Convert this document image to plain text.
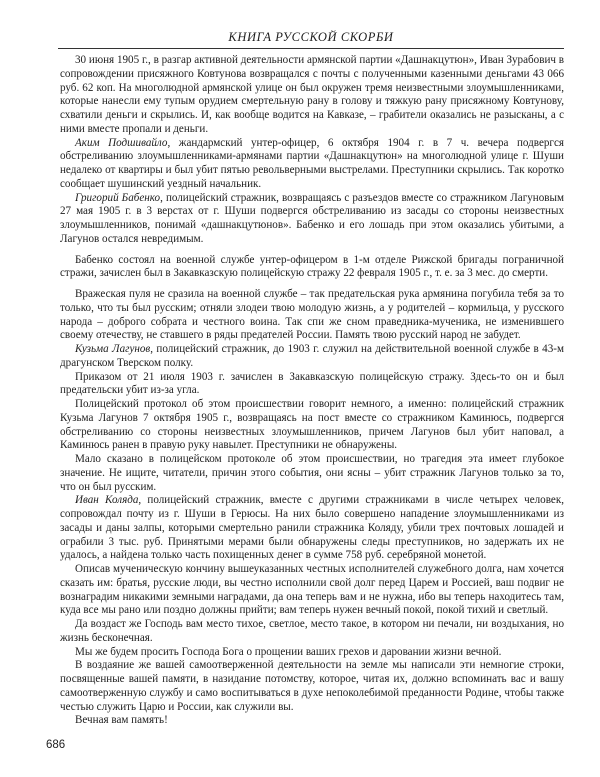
КНИГА РУССКОЙ СКОРБИ

30 июня 1905 г., в разгар активной деятельности армянской партии «Дашнакцутюн», Иван Зурабович в сопровождении присяжного Ковтунова возвращался с почты с полученными казенными деньгами 43 066 руб. 62 коп. На многолюдной армянской улице он был окружен тремя неизвестными злоумышленниками, которые нанесли ему тупым орудием смертельную рану в голову и тяжкую рану присяжному Ковтунову, схватили деньги и скрылись. И, как вообще водится на Кавказе, – грабители оказались не разысканы, а с ними вместе пропали и деньги.

Аким Подшивайло, жандармский унтер-офицер, 6 октября 1904 г. в 7 ч. вечера подвергся обстреливанию злоумышленниками-армянами партии «Дашнакцутюн» на многолюдной улице г. Шуши недалеко от квартиры и был убит пятью револьверными выстрелами. Преступники скрылись. Так коротко сообщает шушинский уездный начальник.

Григорий Бабенко, полицейский стражник, возвращаясь с разъездов вместе со стражником Лагуновым 27 мая 1905 г. в 3 верстах от г. Шуши подвергся обстреливанию из засады со стороны неизвестных злоумышленников, понимай «дашнакцутюнов». Бабенко и его лошадь при этом оказались убитыми, а Лагунов остался невредимым.

Бабенко состоял на военной службе унтер-офицером в 1-м отделе Рижской бригады пограничной стражи, зачислен был в Закавказскую полицейскую стражу 22 февраля 1905 г., т. е. за 3 мес. до смерти.

Вражеская пуля не сразила на военной службе – так предательская рука армянина погубила тебя за то только, что ты был русским; отняли злодеи твою молодую жизнь, а у родителей – кормильца, у русского народа – доброго собрата и честного воина. Так спи же сном праведника-мученика, не изменившего своему отечеству, не ставшего в ряды предателей России. Память твою русский народ не забудет.

Кузьма Лагунов, полицейский стражник, до 1903 г. служил на действительной военной службе в 43-м драгунском Тверском полку.

Приказом от 21 июля 1903 г. зачислен в Закавказскую полицейскую стражу. Здесь-то он и был предательски убит из-за угла.

Полицейский протокол об этом происшествии говорит немного, а именно: полицейский стражник Кузьма Лагунов 7 октября 1905 г., возвращаясь на пост вместе со стражником Каминюсь, подвергся обстреливанию со стороны неизвестных злоумышленников, причем Лагунов был убит наповал, а Каминюсь ранен в правую руку навылет. Преступники не обнаружены.

Мало сказано в полицейском протоколе об этом происшествии, но трагедия эта имеет глубокое значение. Не ищите, читатели, причин этого события, они ясны – убит стражник Лагунов только за то, что он был русским.

Иван Коляда, полицейский стражник, вместе с другими стражниками в числе четырех человек, сопровождал почту из г. Шуши в Герюсы. На них было совершено нападение злоумышленниками из засады и даны залпы, которыми смертельно ранили стражника Коляду, убили трех почтовых лошадей и ограбили 3 тыс. руб. Принятыми мерами были обнаружены следы преступников, но задержать их не удалось, а найдена только часть похищенных денег в сумме 758 руб. серебряной монетой.

Описав мученическую кончину вышеуказанных честных исполнителей служебного долга, нам хочется сказать им: братья, русские люди, вы честно исполнили свой долг перед Царем и Россией, ваш подвиг не вознаградим никакими земными наградами, да она теперь вам и не нужна, ибо вы теперь находитесь там, куда все мы рано или поздно должны прийти; вам теперь нужен вечный покой, покой тихий и светлый.

Да воздаст же Господь вам место тихое, светлое, место такое, в котором ни печали, ни воздыхания, но жизнь бесконечная.

Мы же будем просить Господа Бога о прощении ваших грехов и даровании жизни вечной.

В воздаяние же вашей самоотверженной деятельности на земле мы написали эти немногие строки, посвященные вашей памяти, в назидание потомству, которое, читая их, должно вспоминать вас и вашу самоотверженную службу и само воспитываться в духе непоколебимой преданности Родине, чтобы также честью служить Царю и России, как служили вы.

Вечная вам память!

686
